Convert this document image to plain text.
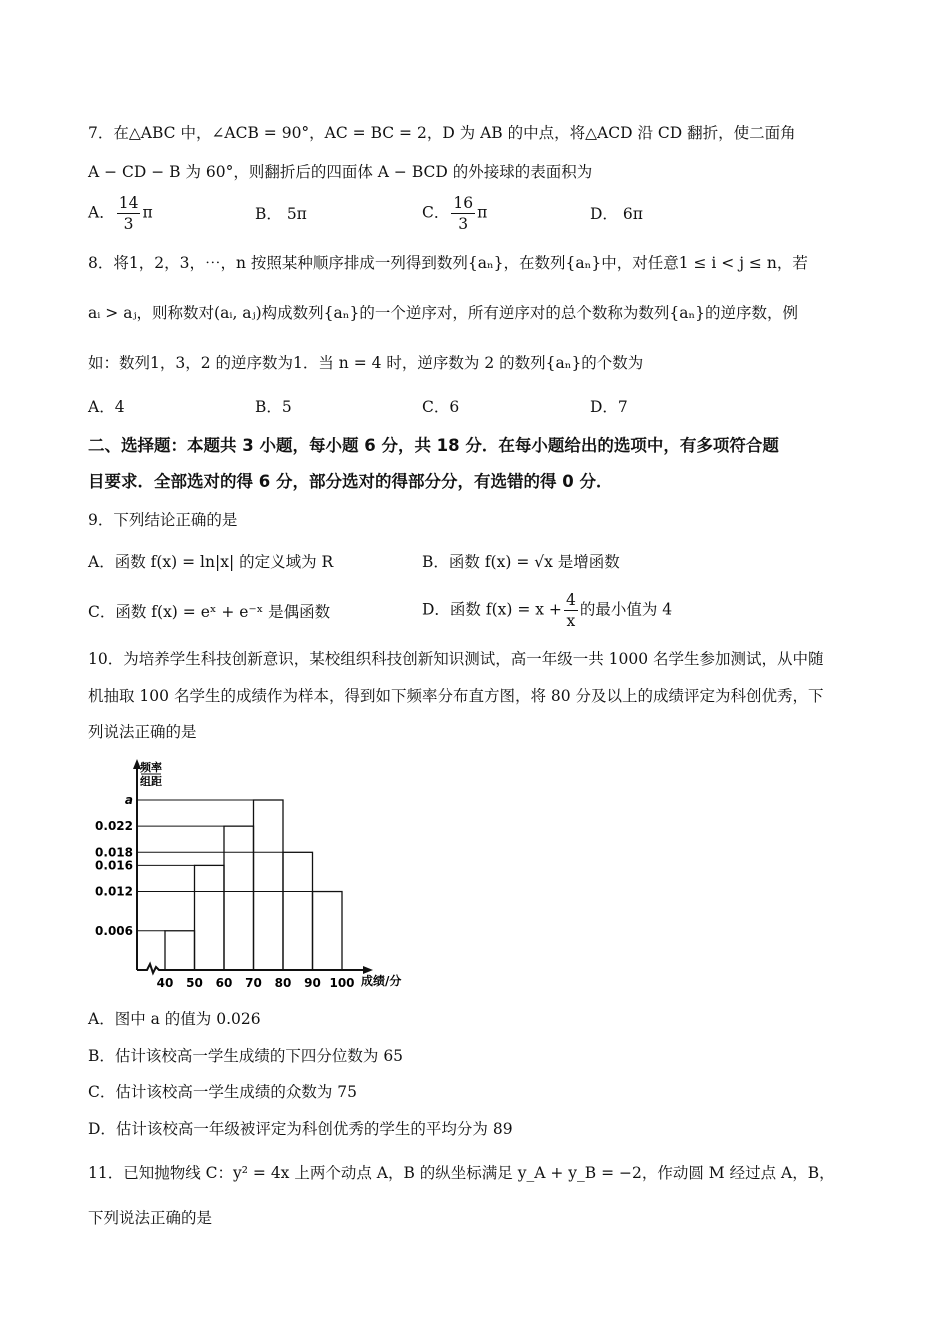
7．在△ABC 中，∠ACB = 90°，AC = BC = 2，D 为 AB 的中点，将△ACD 沿 CD 翻折，使二面角
A − CD − B 为 60°，则翻折后的四面体 A − BCD 的外接球的表面积为
A． $\frac{14}{3}$ π	B． 5π	C． $\frac{16}{3}$ π	D． 6π
8．将1，2，3，⋯，n 按照某种顺序排成一列得到数列{aₙ}，在数列{aₙ}中，对任意1 ≤ i < j ≤ n，若
aᵢ > aⱼ，则称数对(aᵢ, aⱼ)构成数列{aₙ}的一个逆序对，所有逆序对的总个数称为数列{aₙ}的逆序数，例
如：数列1，3，2 的逆序数为1．当 n = 4 时，逆序数为 2 的数列{aₙ}的个数为
A．4	B．5	C．6	D．7
二、选择题：本题共 3 小题，每小题 6 分，共 18 分．在每小题给出的选项中，有多项符合题
目要求．全部选对的得 6 分，部分选对的得部分分，有选错的得 0 分．
9．下列结论正确的是
A．函数 f(x) = ln|x| 的定义域为 R	B．函数 f(x) = √x 是增函数
C．函数 f(x) = eˣ + e⁻ˣ 是偶函数	D．函数 $f(x) = x + \frac{4}{x}$ 的最小值为 4
10．为培养学生科技创新意识，某校组织科技创新知识测试，高一年级一共 1000 名学生参加测试，从中随
机抽取 100 名学生的成绩作为样本，得到如下频率分布直方图，将 80 分及以上的成绩评定为科创优秀，下
列说法正确的是
频率
组距
成绩/分
a
0.022
0.018
0.016
0.012
0.006
40 50 60 70 80 90 100
A．图中 a 的值为 0.026
B．估计该校高一学生成绩的下四分位数为 65
C．估计该校高一学生成绩的众数为 75
D．估计该校高一年级被评定为科创优秀的学生的平均分为 89
11．已知抛物线 C：y² = 4x 上两个动点 A，B 的纵坐标满足 y_A + y_B = −2，作动圆 M 经过点 A，B，
下列说法正确的是
